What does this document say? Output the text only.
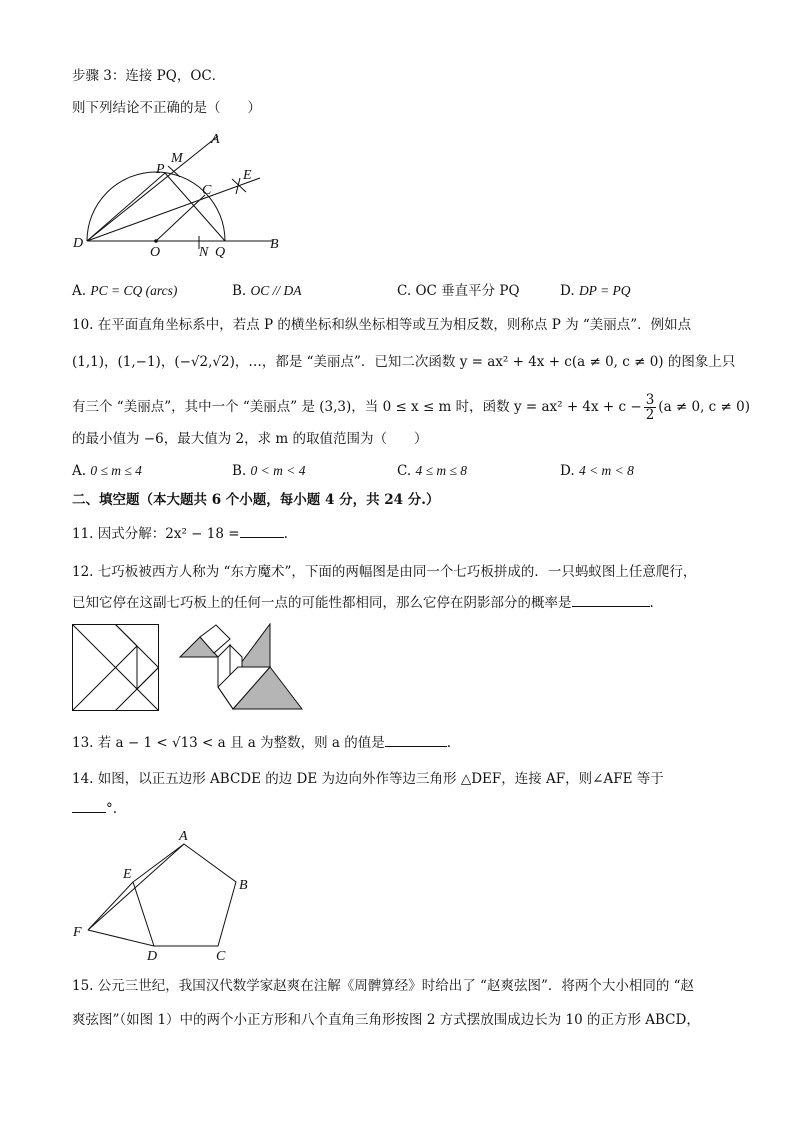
步骤 3：连接 PQ，OC．
则下列结论不正确的是（　　）
A
M
P
C
E
D
O	N Q
B
A. PC = CQ (arcs)	B. OC // DA	C. OC 垂直平分 PQ	D. DP = PQ
10. 在平面直角坐标系中，若点 P 的横坐标和纵坐标相等或互为相反数，则称点 P 为 “美丽点”．例如点
(1,1)，(1,−1)，(−√2,√2)，…，都是 “美丽点”．已知二次函数 y = ax² + 4x + c(a ≠ 0, c ≠ 0) 的图象上只
有三个 “美丽点”，其中一个 “美丽点” 是 (3,3)，当 0 ≤ x ≤ m 时，函数 $y = ax^2 + 4x + c - \frac{3}{2} (a \ne 0$, c ≠ 0)
的最小值为 −6，最大值为 2，求 m 的取值范围为（　　）
A. 0 ≤ m ≤ 4	B. 0 < m < 4	C. 4 ≤ m ≤ 8	D. 4 < m < 8
二、填空题（本大题共 6 个小题，每小题 4 分，共 24 分.）
11. 因式分解：2x² − 18 =	.
12. 七巧板被西方人称为 “东方魔术”，下面的两幅图是由同一个七巧板拼成的．一只蚂蚁图上任意爬行，
已知它停在这副七巧板上的任何一点的可能性都相同，那么它停在阴影部分的概率是	.
13. 若 a − 1 < √13 < a 且 a 为整数，则 a 的值是	.
14. 如图，以正五边形 ABCDE 的边 DE 为边向外作等边三角形 △DEF，连接 AF，则∠AFE 等于
°.
A
B
C
D
E
F
15. 公元三世纪，我国汉代数学家赵爽在注解《周髀算经》时给出了 “赵爽弦图”．将两个大小相同的 “赵
爽弦图”（如图 1）中的两个小正方形和八个直角三角形按图 2 方式摆放围成边长为 10 的正方形 ABCD，
